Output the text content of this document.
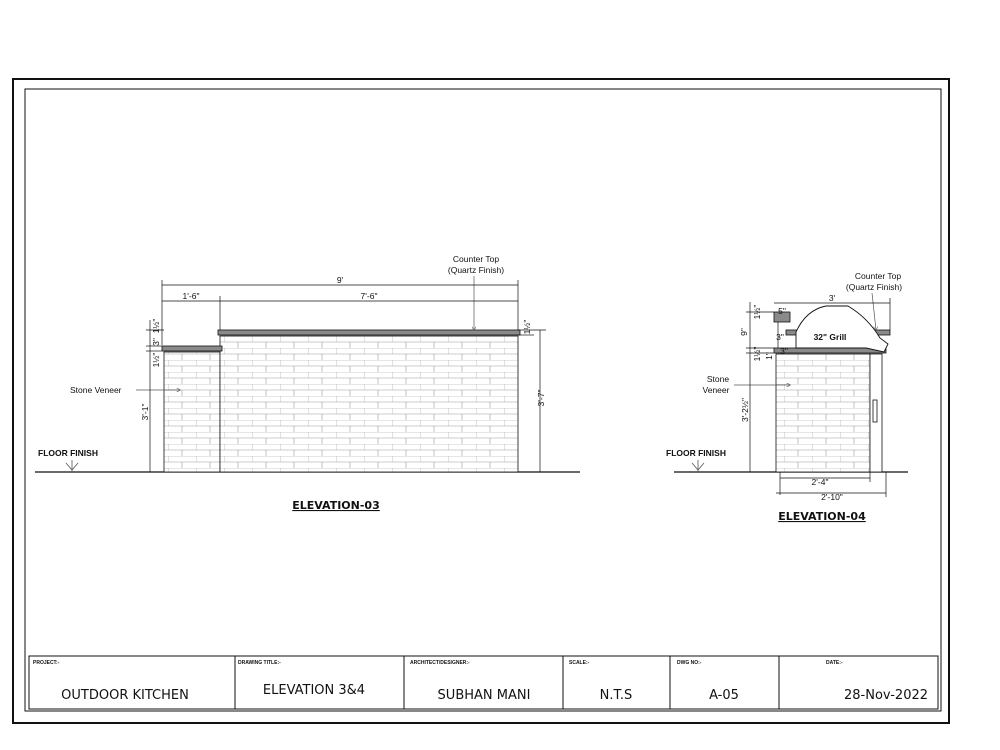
FLOOR FINISH
Counter Top
(Quartz Finish)
Stone Veneer
9'
1'-6"	7'-6"
1½"
3"
1½"
3'-1"
1½"
3'-7"
ELEVATION-03
FLOOR FINISH
32" Grill
Counter Top
(Quartz Finish)
Stone
Veneer
3'
5"
3"
1½"
9"
1½" 1"
3'-2½"
3"
2'-4"
2'-10"
ELEVATION-04
PROJECT:-
OUTDOOR KITCHEN
DRAWING TITLE:-
ELEVATION 3&4
ARCHITECT/DESIGNER:-
SUBHAN MANI
SCALE:-
N.T.S
DWG NO:-
A-05
DATE:-
28-Nov-2022
